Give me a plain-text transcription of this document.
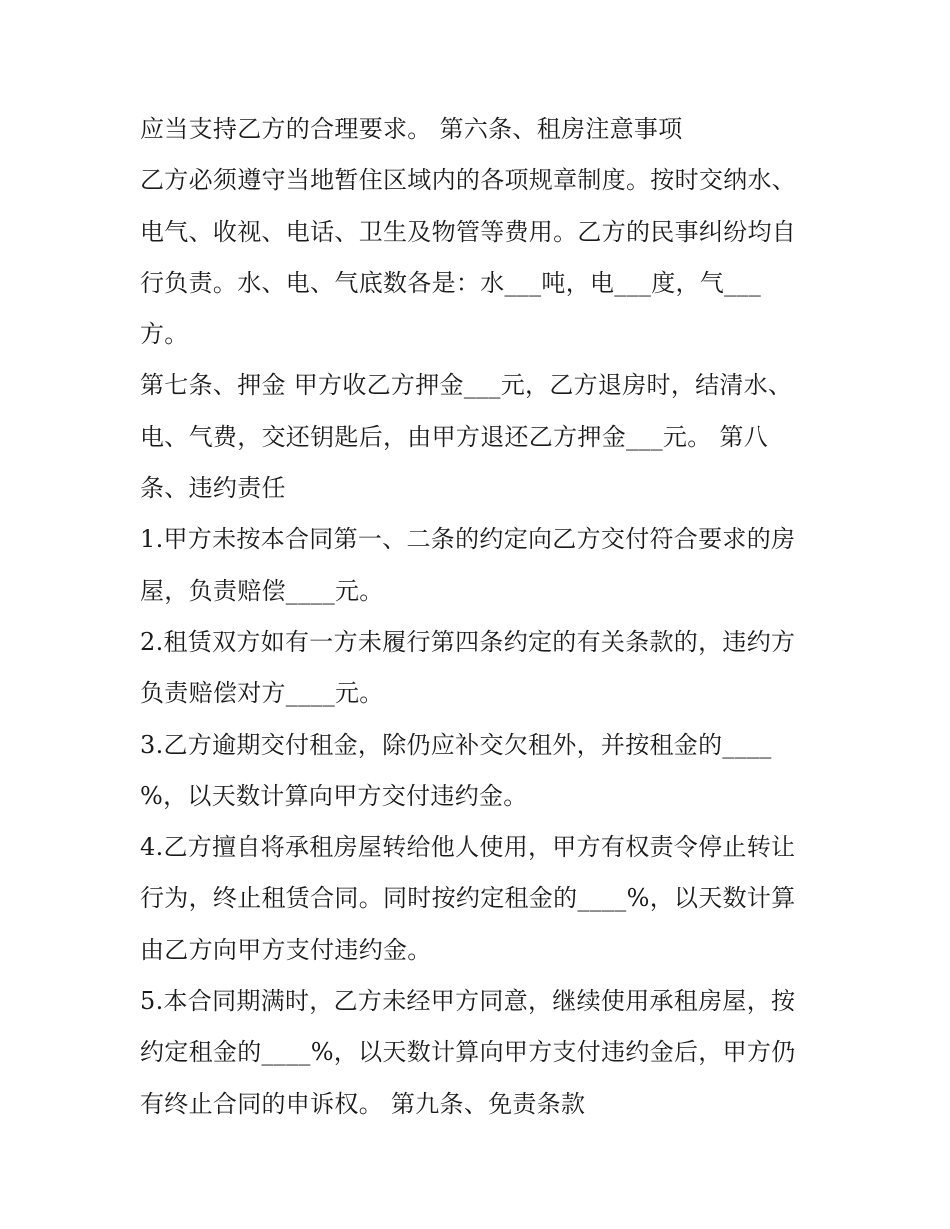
应当支持乙方的合理要求。 第六条、租房注意事项
乙方必须遵守当地暂住区域内的各项规章制度。按时交纳水、
电气、收视、电话、卫生及物管等费用。乙方的民事纠纷均自
行负责。水、电、气底数各是：水___吨，电___度，气___
方。
第七条、押金 甲方收乙方押金___元，乙方退房时，结清水、
电、气费，交还钥匙后，由甲方退还乙方押金___元。 第八
条、违约责任
1.甲方未按本合同第一、二条的约定向乙方交付符合要求的房
屋，负责赔偿____元。
2.租赁双方如有一方未履行第四条约定的有关条款的，违约方
负责赔偿对方____元。
3.乙方逾期交付租金，除仍应补交欠租外，并按租金的____
%，以天数计算向甲方交付违约金。
4.乙方擅自将承租房屋转给他人使用，甲方有权责令停止转让
行为，终止租赁合同。同时按约定租金的____%，以天数计算
由乙方向甲方支付违约金。
5.本合同期满时，乙方未经甲方同意，继续使用承租房屋，按
约定租金的____%，以天数计算向甲方支付违约金后，甲方仍
有终止合同的申诉权。 第九条、免责条款
